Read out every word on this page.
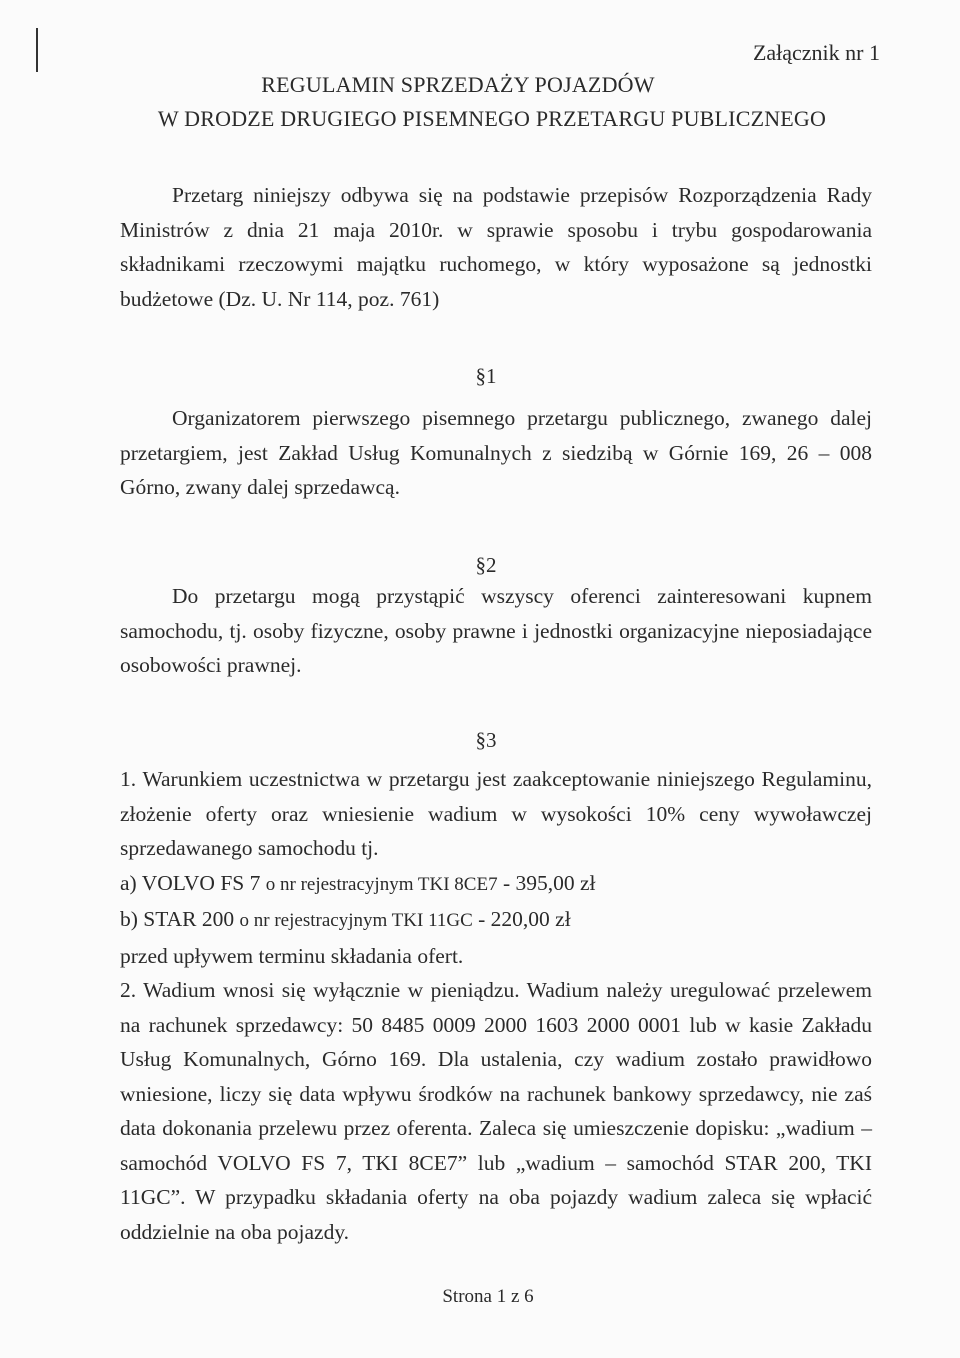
Załącznik nr 1
REGULAMIN SPRZEDAŻY POJAZDÓW
W DRODZE DRUGIEGO PISEMNEGO PRZETARGU PUBLICZNEGO
Przetarg niniejszy odbywa się na podstawie przepisów Rozporządzenia Rady Ministrów z dnia 21 maja 2010r. w sprawie sposobu i trybu gospodarowania składnikami rzeczowymi majątku ruchomego, w który wyposażone są jednostki budżetowe (Dz. U. Nr 114, poz. 761)
§1
Organizatorem pierwszego pisemnego przetargu publicznego, zwanego dalej przetargiem, jest Zakład Usług Komunalnych z siedzibą w Górnie 169, 26 – 008 Górno, zwany dalej sprzedawcą.
§2
Do przetargu mogą przystąpić wszyscy oferenci zainteresowani kupnem samochodu, tj. osoby fizyczne, osoby prawne i jednostki organizacyjne nieposiadające osobowości prawnej.
§3
1. Warunkiem uczestnictwa w przetargu jest zaakceptowanie niniejszego Regulaminu, złożenie oferty oraz wniesienie wadium w wysokości 10% ceny wywoławczej sprzedawanego samochodu tj.
a) VOLVO FS 7 o nr rejestracyjnym TKI 8CE7 - 395,00 zł
b) STAR 200 o nr rejestracyjnym TKI 11GC - 220,00 zł
przed upływem terminu składania ofert.
2. Wadium wnosi się wyłącznie w pieniądzu. Wadium należy uregulować przelewem na rachunek sprzedawcy: 50 8485 0009 2000 1603 2000 0001 lub w kasie Zakładu Usług Komunalnych, Górno 169. Dla ustalenia, czy wadium zostało prawidłowo wniesione, liczy się data wpływu środków na rachunek bankowy sprzedawcy, nie zaś data dokonania przelewu przez oferenta. Zaleca się umieszczenie dopisku: „wadium – samochód VOLVO FS 7, TKI 8CE7” lub „wadium – samochód STAR 200, TKI 11GC”. W przypadku składania oferty na oba pojazdy wadium zaleca się wpłacić oddzielnie na oba pojazdy.
Strona 1 z 6
